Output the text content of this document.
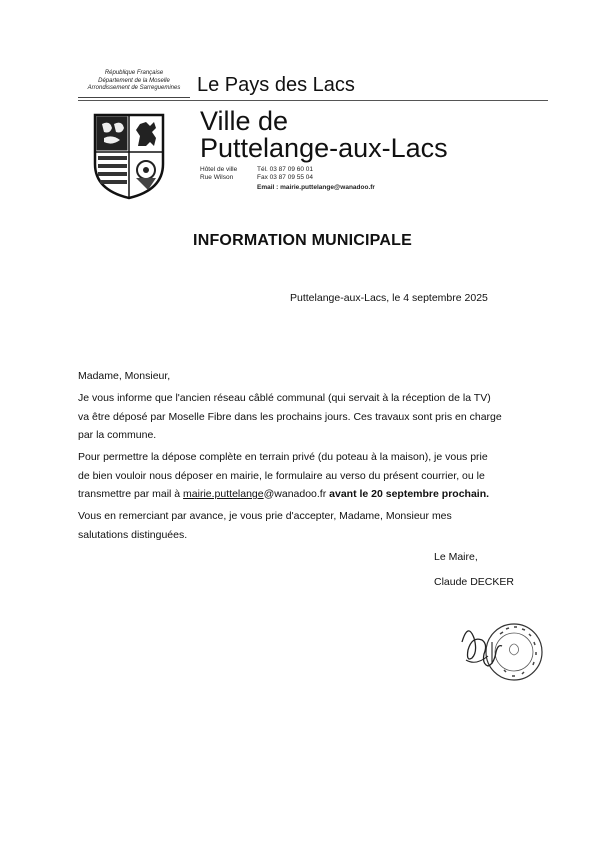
République Française
Département de la Moselle
Arrondissement de Sarreguemines Le Pays des Lacs
Ville de
Puttelange-aux-Lacs
Hôtel de ville
Rue Wilson
Tél. 03 87 09 60 01
Fax 03 87 09 55 04
Email : mairie.puttelange@wanadoo.fr
INFORMATION MUNICIPALE
Puttelange-aux-Lacs, le 4 septembre 2025
Madame, Monsieur,
Je vous informe que l'ancien réseau câblé communal (qui servait à la réception de la TV)
va être déposé par Moselle Fibre dans les prochains jours. Ces travaux sont pris en charge
par la commune.
Pour permettre la dépose complète en terrain privé (du poteau à la maison), je vous prie
de bien vouloir nous déposer en mairie, le formulaire au verso du présent courrier, ou le
transmettre par mail à mairie.puttelange@wanadoo.fr avant le 20 septembre prochain.
Vous en remerciant par avance, je vous prie d'accepter, Madame, Monsieur mes
salutations distinguées.
Le Maire,
Claude DECKER
